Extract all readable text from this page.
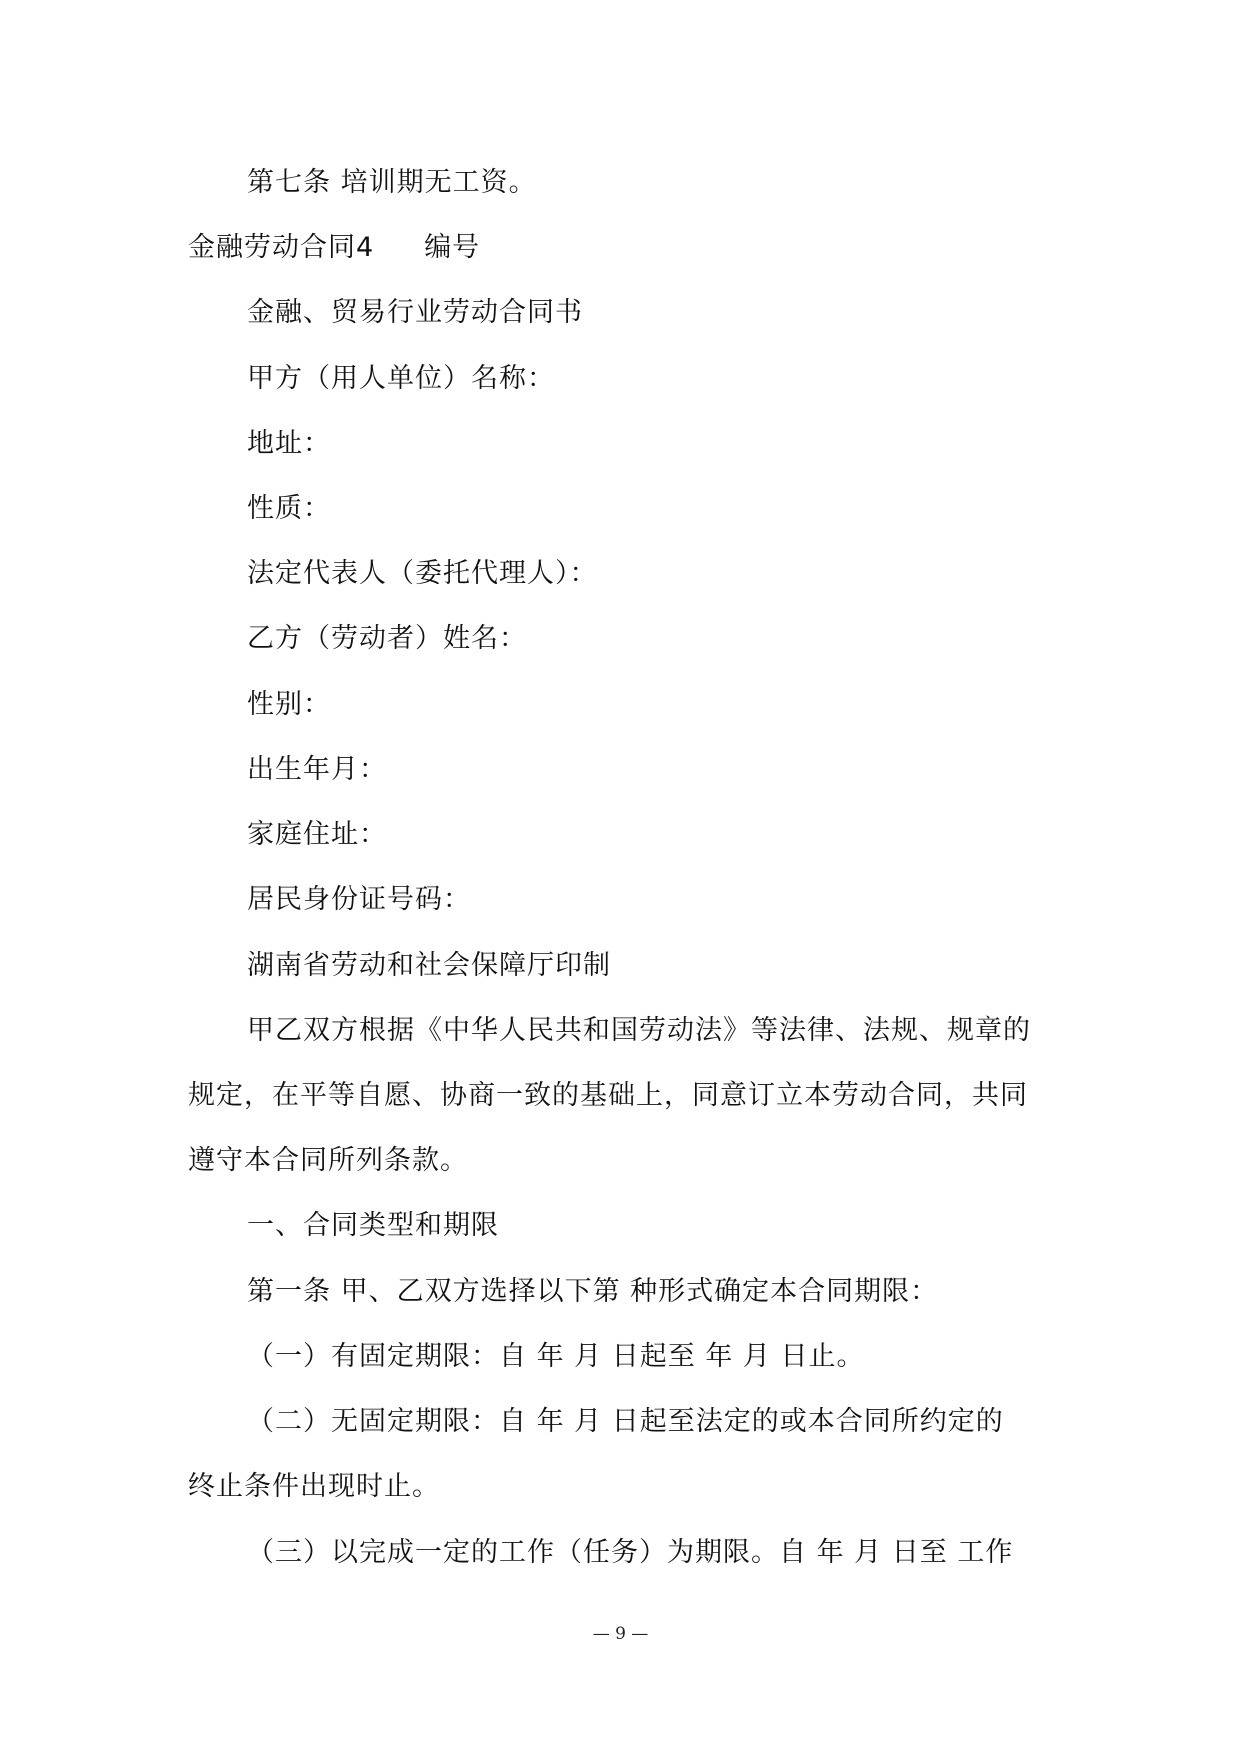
第七条 培训期无工资。
金融劳动合同4 编号
金融、贸易行业劳动合同书
甲方（用人单位）名称：
地址：
性质：
法定代表人（委托代理人）：
乙方（劳动者）姓名：
性别：
出生年月：
家庭住址：
居民身份证号码：
湖南省劳动和社会保障厅印制
甲乙双方根据《中华人民共和国劳动法》等法律、法规、规章的
规定，在平等自愿、协商一致的基础上，同意订立本劳动合同，共同
遵守本合同所列条款。
一、合同类型和期限
第一条 甲、乙双方选择以下第 种形式确定本合同期限：
（一）有固定期限：自 年 月 日起至 年 月 日止。
（二）无固定期限：自 年 月 日起至法定的或本合同所约定的
终止条件出现时止。
（三）以完成一定的工作（任务）为期限。自 年 月 日至 工作
— 9 —
